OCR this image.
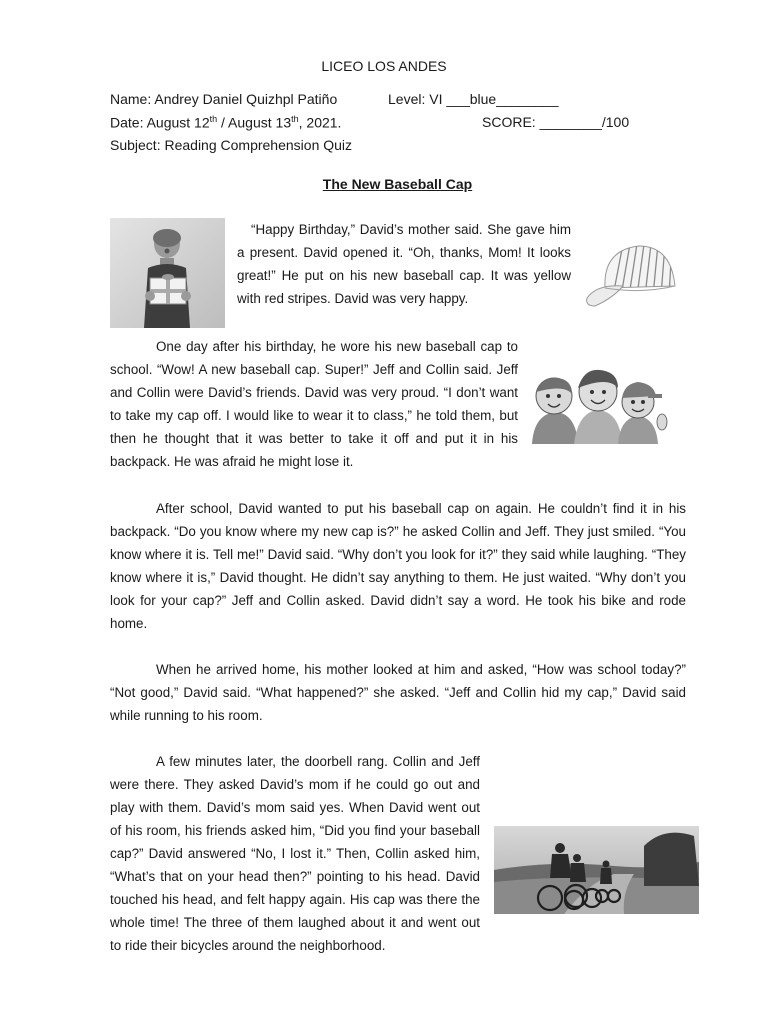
LICEO LOS ANDES
Name: Andrey Daniel Quizhpl Patiño	Level: VI ___blue________
Date: August 12th / August 13th, 2021.	SCORE: ________/100
Subject: Reading Comprehension Quiz
The New Baseball Cap

“Happy Birthday,” David’s mother said. She gave him a present. David opened it. “Oh, thanks, Mom! It looks great!” He put on his new baseball cap. It was yellow with red stripes. David was very happy.

One day after his birthday, he wore his new baseball cap to school. “Wow! A new baseball cap. Super!” Jeff and Collin said. Jeff and Collin were David’s friends. David was very proud. “I don’t want to take my cap off. I would like to wear it to class,” he told them, but then he thought that it was better to take it off and put it in his backpack. He was afraid he might lose it.

After school, David wanted to put his baseball cap on again. He couldn’t find it in his backpack. “Do you know where my new cap is?” he asked Collin and Jeff. They just smiled. “You know where it is. Tell me!” David said. “Why don’t you look for it?” they said while laughing. “They know where it is,” David thought. He didn’t say anything to them. He just waited. “Why don’t you look for your cap?” Jeff and Collin asked. David didn’t say a word. He took his bike and rode home.

When he arrived home, his mother looked at him and asked, “How was school today?” “Not good,” David said. “What happened?” she asked. “Jeff and Collin hid my cap,” David said while running to his room.

A few minutes later, the doorbell rang. Collin and Jeff were there. They asked David’s mom if he could go out and play with them. David’s mom said yes. When David went out of his room, his friends asked him, “Did you find your baseball cap?” David answered “No, I lost it.” Then, Collin asked him, “What’s that on your head then?” pointing to his head. David touched his head, and felt happy again. His cap was there the whole time! The three of them laughed about it and went out to ride their bicycles around the neighborhood.
